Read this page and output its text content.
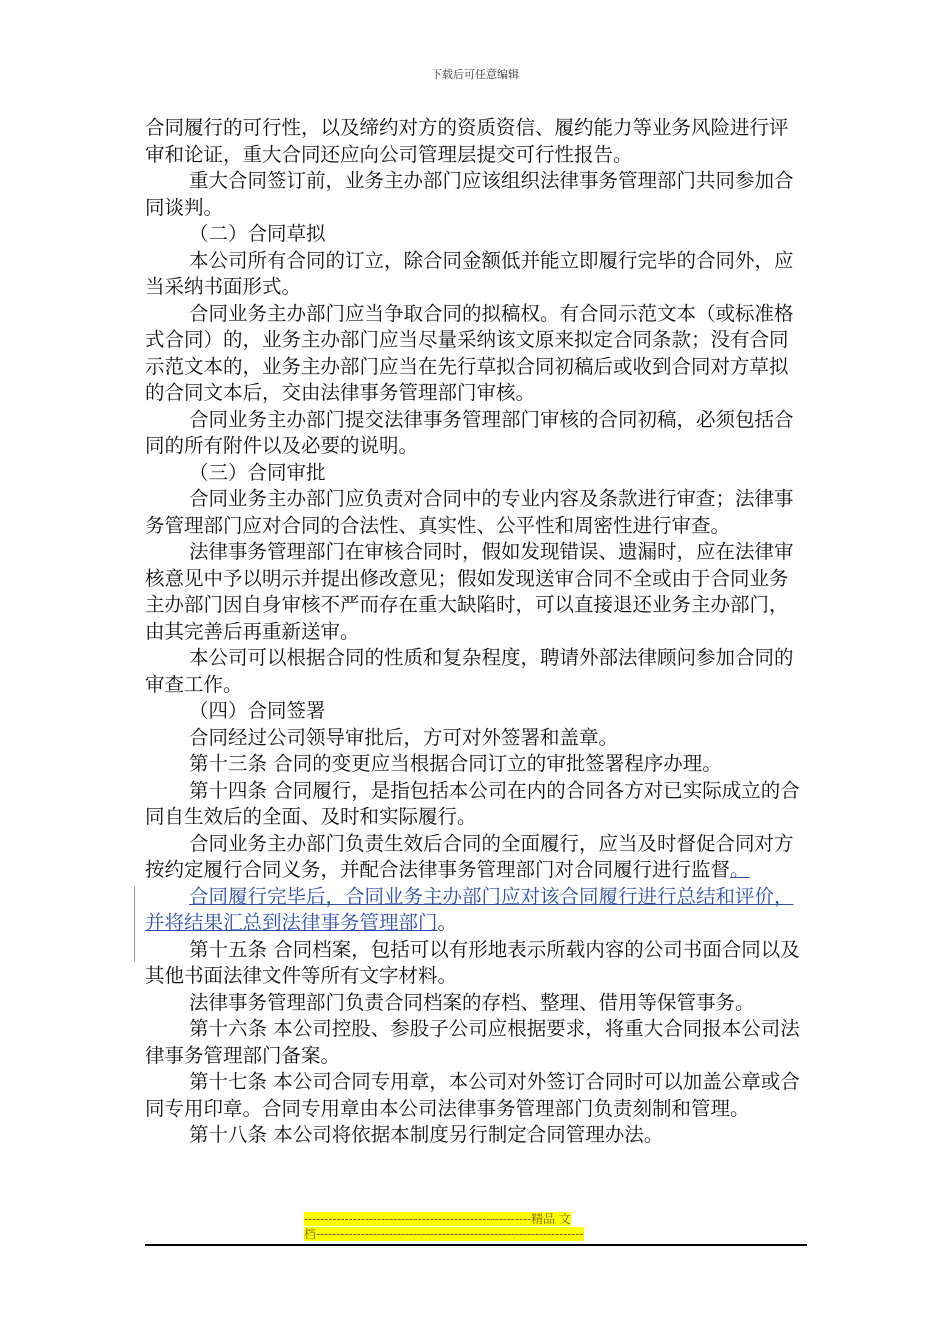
下载后可任意编辑

合同履行的可行性，以及缔约对方的资质资信、履约能力等业务风险进行评审和论证，重大合同还应向公司管理层提交可行性报告。

重大合同签订前，业务主办部门应该组织法律事务管理部门共同参加合同谈判。

（二）合同草拟

本公司所有合同的订立，除合同金额低并能立即履行完毕的合同外，应当采纳书面形式。

合同业务主办部门应当争取合同的拟稿权。有合同示范文本（或标准格式合同）的，业务主办部门应当尽量采纳该文原来拟定合同条款；没有合同示范文本的，业务主办部门应当在先行草拟合同初稿后或收到合同对方草拟的合同文本后，交由法律事务管理部门审核。

合同业务主办部门提交法律事务管理部门审核的合同初稿，必须包括合同的所有附件以及必要的说明。

（三）合同审批

合同业务主办部门应负责对合同中的专业内容及条款进行审查；法律事务管理部门应对合同的合法性、真实性、公平性和周密性进行审查。

法律事务管理部门在审核合同时，假如发现错误、遗漏时，应在法律审核意见中予以明示并提出修改意见；假如发现送审合同不全或由于合同业务主办部门因自身审核不严而存在重大缺陷时，可以直接退还业务主办部门，由其完善后再重新送审。

本公司可以根据合同的性质和复杂程度，聘请外部法律顾问参加合同的审查工作。

（四）合同签署

合同经过公司领导审批后，方可对外签署和盖章。

第十三条 合同的变更应当根据合同订立的审批签署程序办理。

第十四条 合同履行，是指包括本公司在内的合同各方对已实际成立的合同自生效后的全面、及时和实际履行。

合同业务主办部门负责生效后合同的全面履行，应当及时督促合同对方按约定履行合同义务，并配合法律事务管理部门对合同履行进行监督。

合同履行完毕后，合同业务主办部门应对该合同履行进行总结和评价，并将结果汇总到法律事务管理部门。

第十五条 合同档案，包括可以有形地表示所载内容的公司书面合同以及其他书面法律文件等所有文字材料。

法律事务管理部门负责合同档案的存档、整理、借用等保管事务。

第十六条 本公司控股、参股子公司应根据要求，将重大合同报本公司法律事务管理部门备案。

第十七条 本公司合同专用章，本公司对外签订合同时可以加盖公章或合同专用印章。合同专用章由本公司法律事务管理部门负责刻制和管理。

第十八条 本公司将依据本制度另行制定合同管理办法。

--------------------------------------------------------精品 文
档------------------------------------------------------------------
